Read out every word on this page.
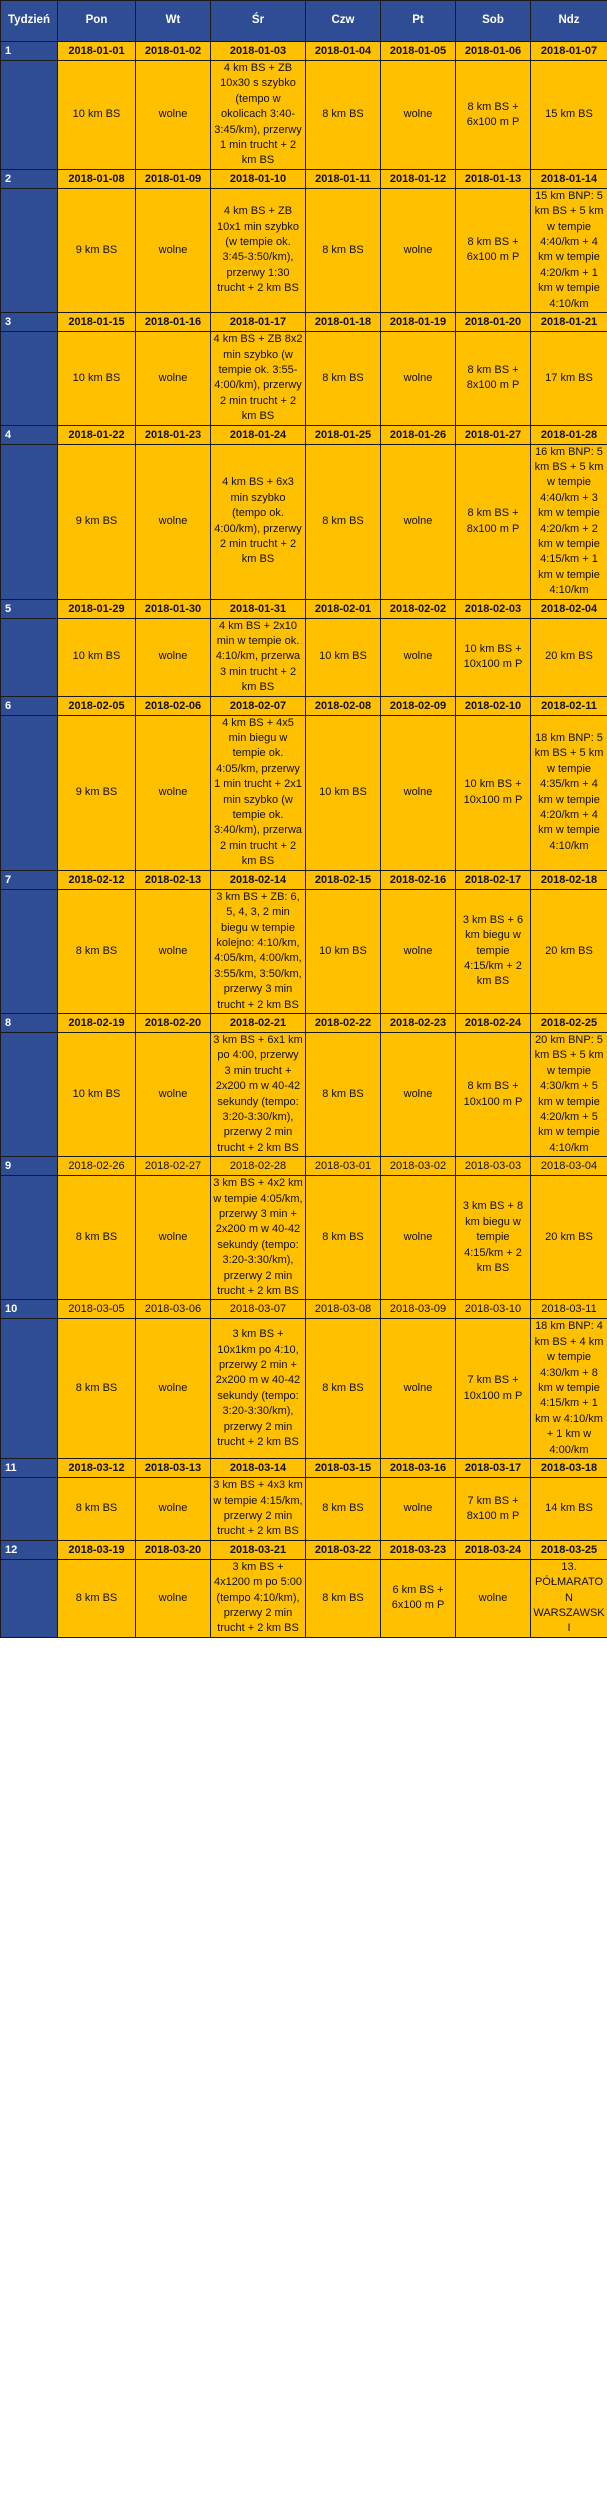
Tydzień	Pon	Wt	Śr	Czw	Pt	Sob	Ndz
1	2018-01-01	2018-01-02	2018-01-03	2018-01-04	2018-01-05	2018-01-06	2018-01-07
	10 km BS	wolne	4 km BS + ZB 10x30 s szybko (tempo w okolicach 3:40-3:45/km), przerwy 1 min trucht + 2 km BS	8 km BS	wolne	8 km BS + 6x100 m P	15 km BS
2	2018-01-08	2018-01-09	2018-01-10	2018-01-11	2018-01-12	2018-01-13	2018-01-14
	9 km BS	wolne	4 km BS + ZB 10x1 min szybko (w tempie ok. 3:45-3:50/km), przerwy 1:30 trucht + 2 km BS	8 km BS	wolne	8 km BS + 6x100 m P	15 km BNP: 5 km BS + 5 km w tempie 4:40/km + 4 km w tempie 4:20/km + 1 km w tempie 4:10/km
3	2018-01-15	2018-01-16	2018-01-17	2018-01-18	2018-01-19	2018-01-20	2018-01-21
	10 km BS	wolne	4 km BS + ZB 8x2 min szybko (w tempie ok. 3:55-4:00/km), przerwy 2 min trucht + 2 km BS	8 km BS	wolne	8 km BS + 8x100 m P	17 km BS
4	2018-01-22	2018-01-23	2018-01-24	2018-01-25	2018-01-26	2018-01-27	2018-01-28
	9 km BS	wolne	4 km BS + 6x3 min szybko (tempo ok. 4:00/km), przerwy 2 min trucht + 2 km BS	8 km BS	wolne	8 km BS + 8x100 m P	16 km BNP: 5 km BS + 5 km w tempie 4:40/km + 3 km w tempie 4:20/km + 2 km w tempie 4:15/km + 1 km w tempie 4:10/km
5	2018-01-29	2018-01-30	2018-01-31	2018-02-01	2018-02-02	2018-02-03	2018-02-04
	10 km BS	wolne	4 km BS + 2x10 min w tempie ok. 4:10/km, przerwa 3 min trucht + 2 km BS	10 km BS	wolne	10 km BS + 10x100 m P	20 km BS
6	2018-02-05	2018-02-06	2018-02-07	2018-02-08	2018-02-09	2018-02-10	2018-02-11
	9 km BS	wolne	4 km BS + 4x5 min biegu w tempie ok. 4:05/km, przerwy 1 min trucht + 2x1 min szybko (w tempie ok. 3:40/km), przerwa 2 min trucht + 2 km BS	10 km BS	wolne	10 km BS + 10x100 m P	18 km BNP: 5 km BS + 5 km w tempie 4:35/km + 4 km w tempie 4:20/km + 4 km w tempie 4:10/km
7	2018-02-12	2018-02-13	2018-02-14	2018-02-15	2018-02-16	2018-02-17	2018-02-18
	8 km BS	wolne	3 km BS + ZB: 6, 5, 4, 3, 2 min biegu w tempie kolejno: 4:10/km, 4:05/km, 4:00/km, 3:55/km, 3:50/km, przerwy 3 min trucht + 2 km BS	10 km BS	wolne	3 km BS + 6 km biegu w tempie 4:15/km + 2 km BS	20 km BS
8	2018-02-19	2018-02-20	2018-02-21	2018-02-22	2018-02-23	2018-02-24	2018-02-25
	10 km BS	wolne	3 km BS + 6x1 km po 4:00, przerwy 3 min trucht + 2x200 m w 40-42 sekundy (tempo: 3:20-3:30/km), przerwy 2 min trucht + 2 km BS	8 km BS	wolne	8 km BS + 10x100 m P	20 km BNP: 5 km BS + 5 km w tempie 4:30/km + 5 km w tempie 4:20/km + 5 km w tempie 4:10/km
9	2018-02-26	2018-02-27	2018-02-28	2018-03-01	2018-03-02	2018-03-03	2018-03-04
	8 km BS	wolne	3 km BS + 4x2 km w tempie 4:05/km, przerwy 3 min + 2x200 m w 40-42 sekundy (tempo: 3:20-3:30/km), przerwy 2 min trucht + 2 km BS	8 km BS	wolne	3 km BS + 8 km biegu w tempie 4:15/km + 2 km BS	20 km BS
10	2018-03-05	2018-03-06	2018-03-07	2018-03-08	2018-03-09	2018-03-10	2018-03-11
	8 km BS	wolne	3 km BS + 10x1km po 4:10, przerwy 2 min + 2x200 m w 40-42 sekundy (tempo: 3:20-3:30/km), przerwy 2 min trucht + 2 km BS	8 km BS	wolne	7 km BS + 10x100 m P	18 km BNP: 4 km BS + 4 km w tempie 4:30/km + 8 km w tempie 4:15/km + 1 km w 4:10/km + 1 km w 4:00/km
11	2018-03-12	2018-03-13	2018-03-14	2018-03-15	2018-03-16	2018-03-17	2018-03-18
	8 km BS	wolne	3 km BS + 4x3 km w tempie 4:15/km, przerwy 2 min trucht + 2 km BS	8 km BS	wolne	7 km BS + 8x100 m P	14 km BS
12	2018-03-19	2018-03-20	2018-03-21	2018-03-22	2018-03-23	2018-03-24	2018-03-25
	8 km BS	wolne	3 km BS + 4x1200 m po 5:00 (tempo 4:10/km), przerwy 2 min trucht + 2 km BS	8 km BS	6 km BS + 6x100 m P	wolne	13. PÓŁMARATON WARSZAWSKI
